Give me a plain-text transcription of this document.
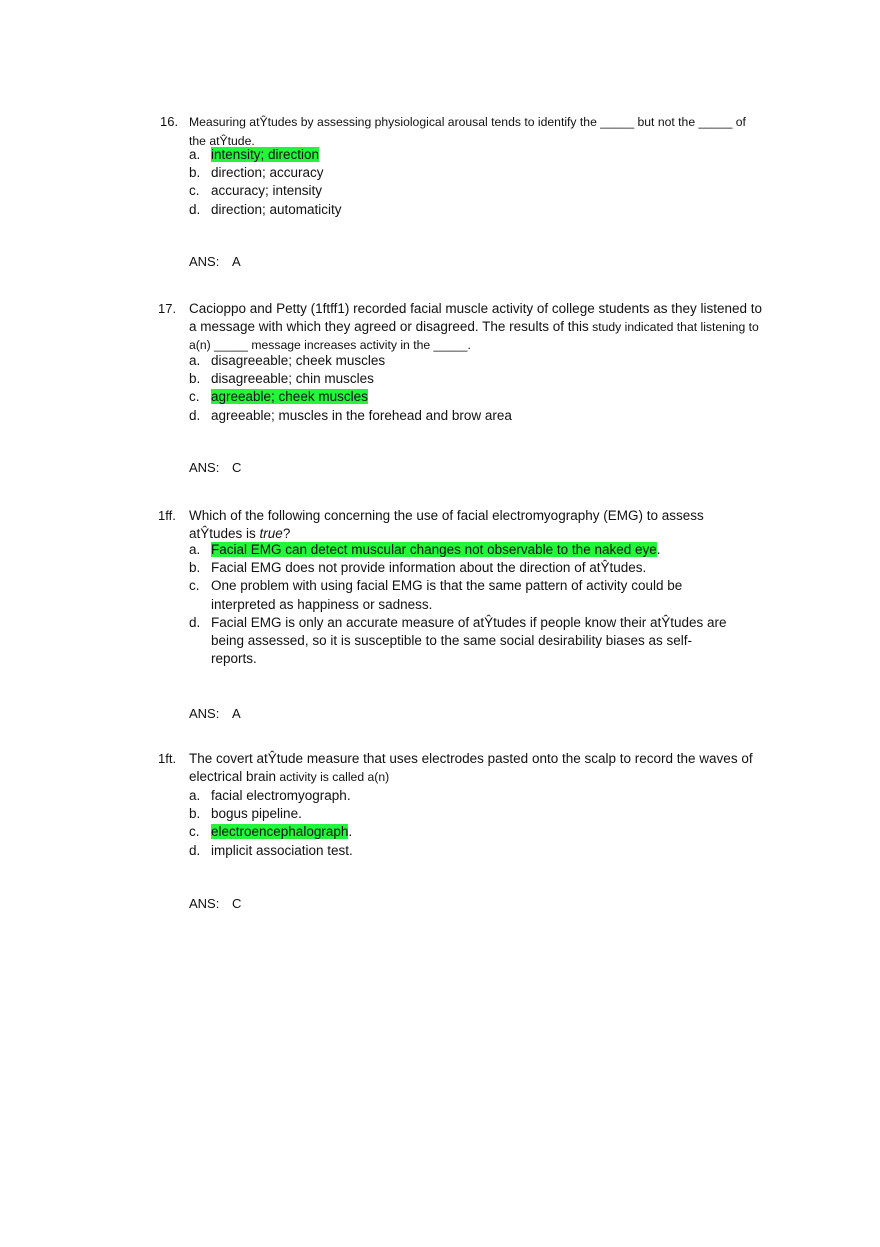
16. Measuring atŶtudes by assessing physiological arousal tends to identify the _____ but not the _____ of the atŶtude.
a. intensity; direction
b. direction; accuracy
c. accuracy; intensity
d. direction; automaticity
ANS: A
17. Cacioppo and Petty (1ftff1) recorded facial muscle activity of college students as they listened to a message with which they agreed or disagreed. The results of this study indicated that listening to a(n) _____ message increases activity in the _____.
a. disagreeable; cheek muscles
b. disagreeable; chin muscles
c. agreeable; cheek muscles
d. agreeable; muscles in the forehead and brow area
ANS: C
1ff. Which of the following concerning the use of facial electromyography (EMG) to assess atŶtudes is true?
a. Facial EMG can detect muscular changes not observable to the naked eye.
b. Facial EMG does not provide information about the direction of atŶtudes.
c. One problem with using facial EMG is that the same pattern of activity could be interpreted as happiness or sadness.
d. Facial EMG is only an accurate measure of atŶtudes if people know their atŶtudes are being assessed, so it is susceptible to the same social desirability biases as self-reports.
ANS: A
1ft. The covert atŶtude measure that uses electrodes pasted onto the scalp to record the waves of electrical brain activity is called a(n)
a. facial electromyograph.
b. bogus pipeline.
c. electroencephalograph.
d. implicit association test.
ANS: C
